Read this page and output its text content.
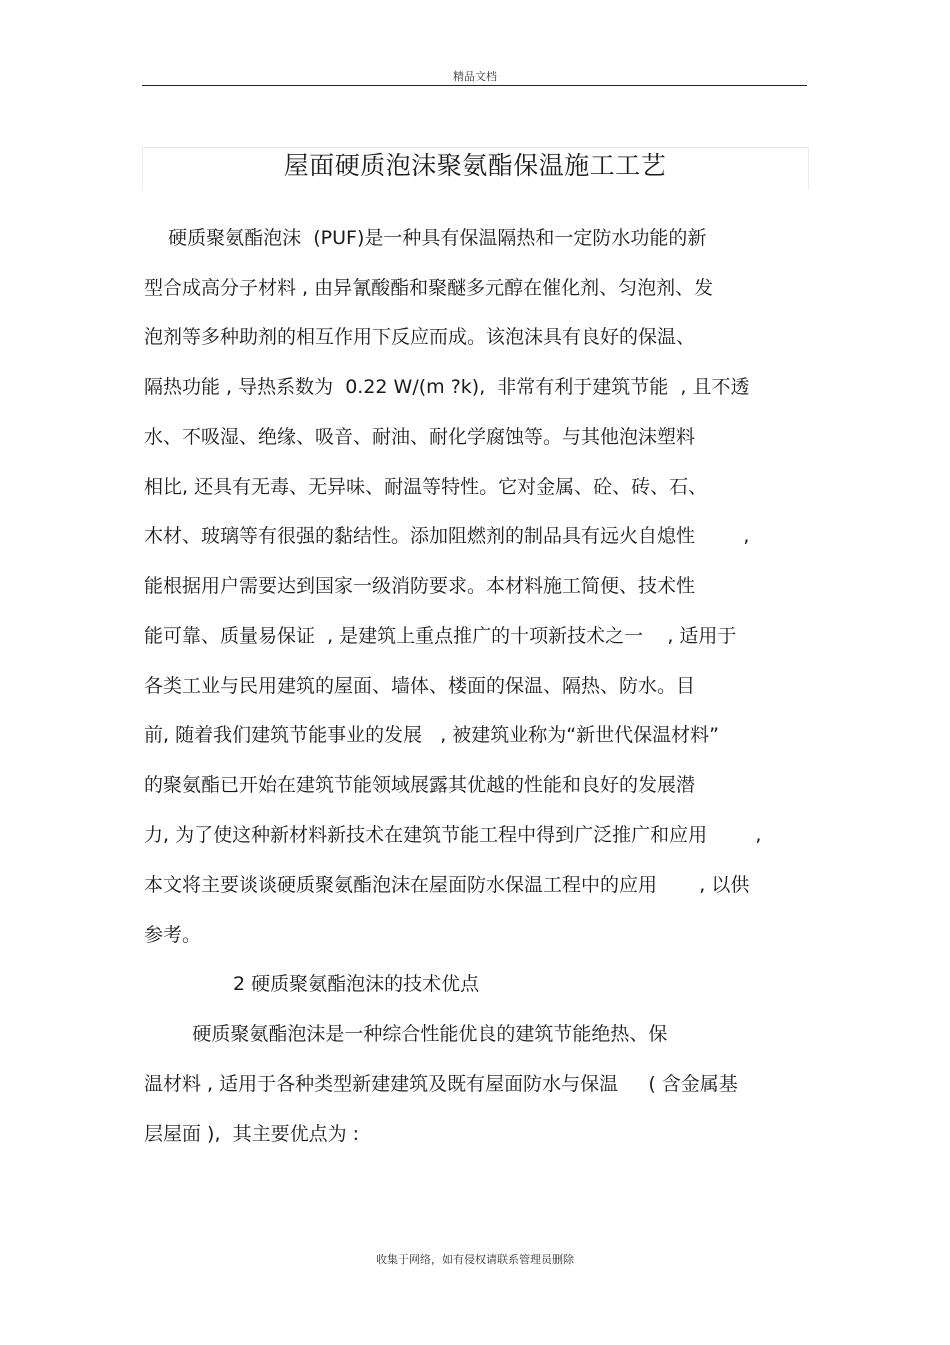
精品文档
屋面硬质泡沫聚氨酯保温施工工艺
硬质聚氨酯泡沫  (PUF)是一种具有保温隔热和一定防水功能的新
型合成高分子材料 , 由异氰酸酯和聚醚多元醇在催化剂、匀泡剂、发
泡剂等多种助剂的相互作用下反应而成。该泡沫具有良好的保温、
隔热功能 , 导热系数为  0.22 W/(m ?k),  非常有利于建筑节能  , 且不透
水、不吸湿、绝缘、吸音、耐油、耐化学腐蚀等。与其他泡沫塑料
相比, 还具有无毒、无异味、耐温等特性。它对金属、砼、砖、石、
木材、玻璃等有很强的黏结性。添加阻燃剂的制品具有远火自熄性        ,
能根据用户需要达到国家一级消防要求。本材料施工简便、技术性
能可靠、质量易保证  , 是建筑上重点推广的十项新技术之一    , 适用于
各类工业与民用建筑的屋面、墙体、楼面的保温、隔热、防水。目
前, 随着我们建筑节能事业的发展   , 被建筑业称为“新世代保温材料”
的聚氨酯已开始在建筑节能领域展露其优越的性能和良好的发展潜
力, 为了使这种新材料新技术在建筑节能工程中得到广泛推广和应用        ,
本文将主要谈谈硬质聚氨酯泡沫在屋面防水保温工程中的应用       , 以供
参考。
2 硬质聚氨酯泡沫的技术优点
硬质聚氨酯泡沫是一种综合性能优良的建筑节能绝热、保
温材料 , 适用于各种类型新建建筑及既有屋面防水与保温     ( 含金属基
层屋面 ),  其主要优点为 :
收集于网络，如有侵权请联系管理员删除
